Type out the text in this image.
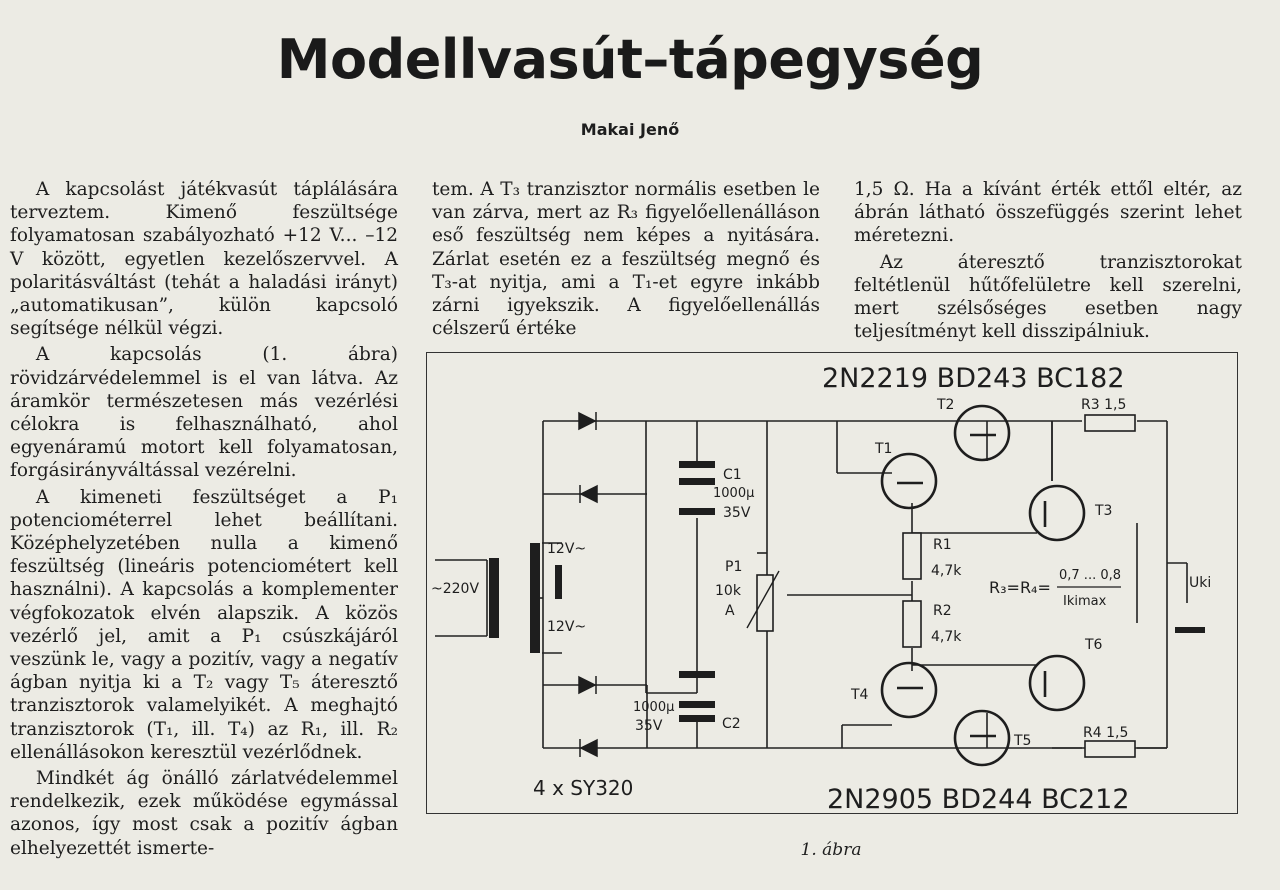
Modellvasút–tápegység
Makai Jenő

A kapcsolást játékvasút táplálására terveztem. Kimenő feszültsége folyamatosan szabályozható +12 V... –12 V között, egyetlen kezelőszervvel. A polaritásváltást (tehát a haladási irányt) „automatikusan”, külön kapcsoló segítsége nélkül végzi.

A kapcsolás (1. ábra) rövidzárvédelemmel is el van látva. Az áramkör természetesen más vezérlési célokra is felhasználható, ahol egyenáramú motort kell folyamatosan, forgásirányváltással vezérelni.

A kimeneti feszültséget a P₁ potenciométerrel lehet beállítani. Középhelyzetében nulla a kimenő feszültség (lineáris potenciométert kell használni). A kapcsolás a komplementer végfokozatok elvén alapszik. A közös vezérlő jel, amit a P₁ csúszkájáról veszünk le, vagy a pozitív, vagy a negatív ágban nyitja ki a T₂ vagy T₅ áteresztő tranzisztorok valamelyikét. A meghajtó tranzisztorok (T₁, ill. T₄) az R₁, ill. R₂ ellenállásokon keresztül vezérlődnek.

Mindkét ág önálló zárlatvédelemmel rendelkezik, ezek működése egymással azonos, így most csak a pozitív ágban elhelyezettét ismerte-

tem. A T₃ tranzisztor normális esetben le van zárva, mert az R₃ figyelőellenálláson eső feszültség nem képes a nyitására. Zárlat esetén ez a feszültség megnő és T₃-at nyitja, ami a T₁-et egyre inkább zárni igyekszik. A figyelőellenállás célszerű értéke

1,5 Ω. Ha a kívánt érték ettől eltér, az ábrán látható összefüggés szerint lehet méretezni.

Az áteresztő tranzisztorokat feltétlenül hűtőfelületre kell szerelni, mert szélsőséges esetben nagy teljesítményt kell disszipálniuk.

2N2219 BD243 BC182
2N2905 BD244 BC212
~220V
12V~
12V~
4 x SY320
C1
1000μ
35V
C2
1000μ
35V
P1
10k
A
T1
T2
T3
T4
T5
T6
R1
4,7k
R2
4,7k
R3 1,5
R4 1,5
R₃=R₄=
0,7 ... 0,8
Ikimax
Uki
1. ábra
